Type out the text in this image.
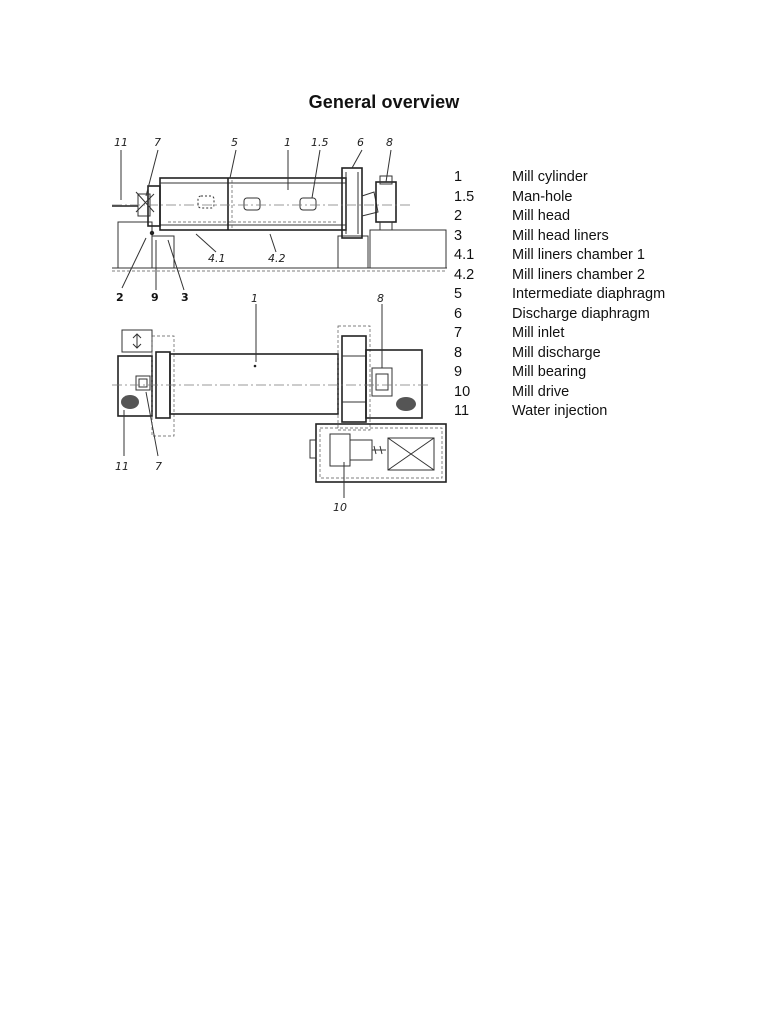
General overview
11 7	5	1 1.5	6 8
4.1	4.2
2 9 3	1	8
11 7
10
1	Mill cylinder
1.5	Man-hole
2	Mill head
3	Mill head liners
4.1	Mill liners chamber 1
4.2	Mill liners chamber 2
5	Intermediate diaphragm
6	Discharge diaphragm
7	Mill inlet
8	Mill discharge
9	Mill bearing
10	Mill drive
11	Water injection
